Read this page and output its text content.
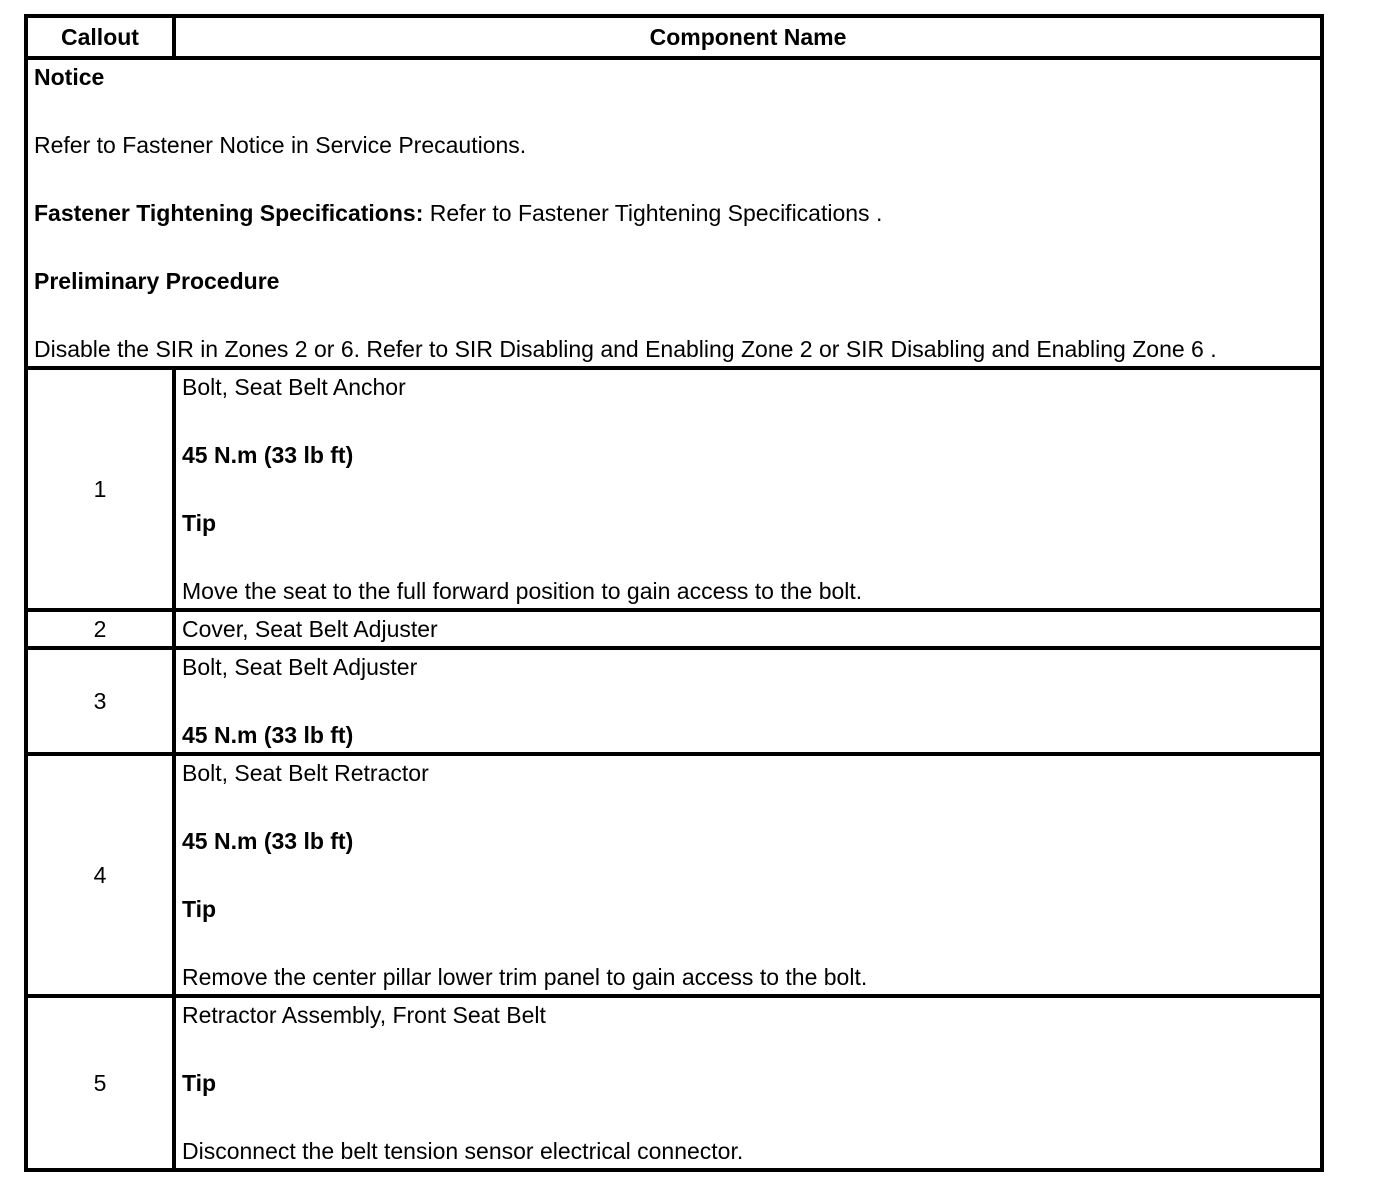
Callout	Component Name

Notice

Refer to Fastener Notice in Service Precautions.

Fastener Tightening Specifications: Refer to Fastener Tightening Specifications .

Preliminary Procedure

Disable the SIR in Zones 2 or 6. Refer to SIR Disabling and Enabling Zone 2 or SIR Disabling and Enabling Zone 6 .	

1	Bolt, Seat Belt Anchor

45 N.m (33 lb ft)

Tip

Move the seat to the full forward position to gain access to the bolt.

2	Cover, Seat Belt Adjuster

3	Bolt, Seat Belt Adjuster

45 N.m (33 lb ft)

4	Bolt, Seat Belt Retractor

45 N.m (33 lb ft)

Tip

Remove the center pillar lower trim panel to gain access to the bolt.

5	Retractor Assembly, Front Seat Belt

Tip

Disconnect the belt tension sensor electrical connector.
